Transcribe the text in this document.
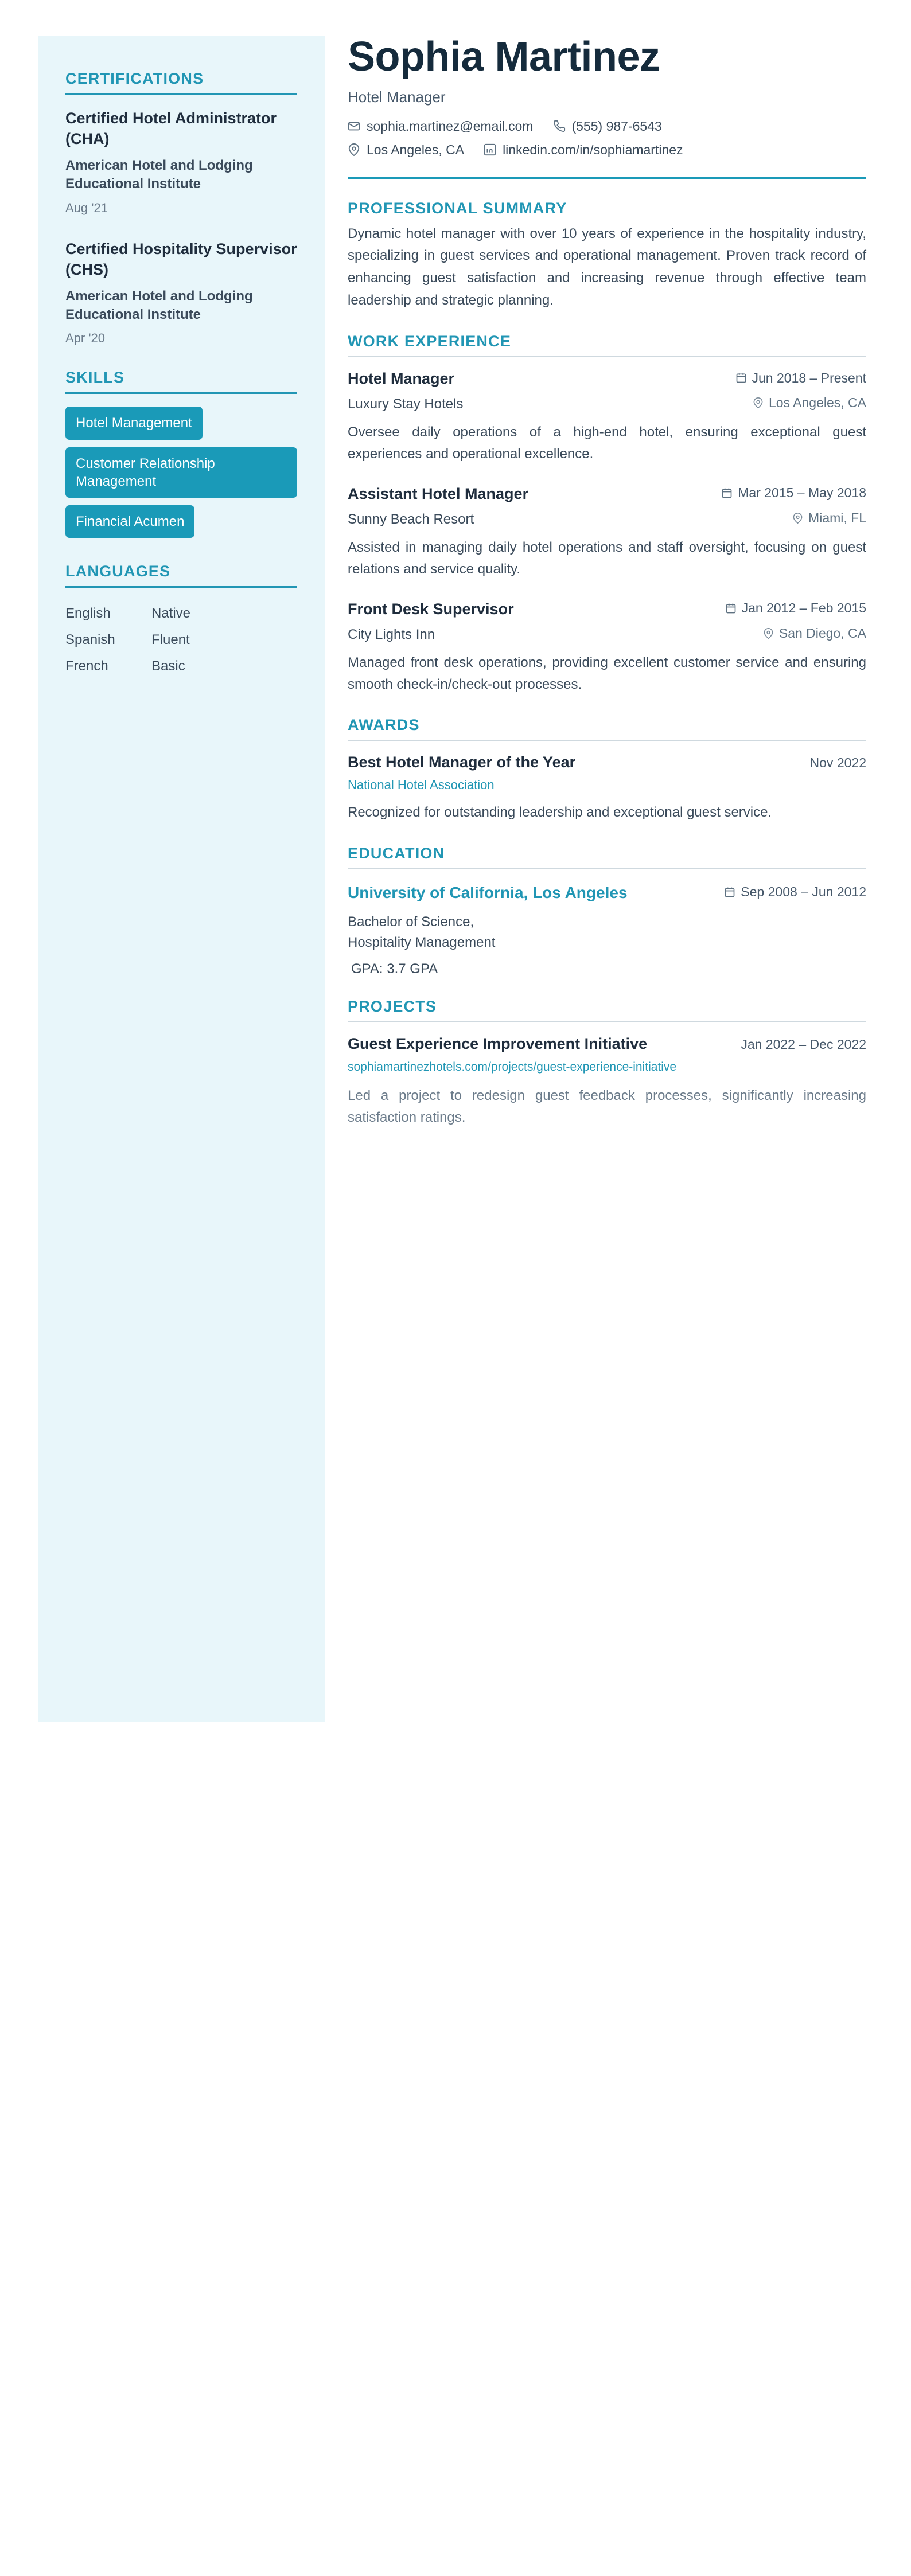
CERTIFICATIONS
Certified Hotel Administrator (CHA)
American Hotel and Lodging Educational Institute
Aug '21
Certified Hospitality Supervisor (CHS)
American Hotel and Lodging Educational Institute
Apr '20
SKILLS
Hotel Management Customer Relationship Management Financial Acumen
LANGUAGES
English	Native
Spanish	Fluent
French	Basic
Sophia Martinez
Hotel Manager
sophia.martinez@email.com	(555) 987-6543
Los Angeles, CA	linkedin.com/in/sophiamartinez
PROFESSIONAL SUMMARY
Dynamic hotel manager with over 10 years of experience in the hospitality industry, specializing in guest services and operational management. Proven track record of enhancing guest satisfaction and increasing revenue through effective team leadership and strategic planning.
WORK EXPERIENCE
Hotel Manager	Jun 2018 – Present
Luxury Stay Hotels	Los Angeles, CA
Oversee daily operations of a high-end hotel, ensuring exceptional guest experiences and operational excellence.
Assistant Hotel Manager	Mar 2015 – May 2018
Sunny Beach Resort	Miami, FL
Assisted in managing daily hotel operations and staff oversight, focusing on guest relations and service quality.
Front Desk Supervisor	Jan 2012 – Feb 2015
City Lights Inn	San Diego, CA
Managed front desk operations, providing excellent customer service and ensuring smooth check-in/check-out processes.
AWARDS
Best Hotel Manager of the Year	Nov 2022
National Hotel Association
Recognized for outstanding leadership and exceptional guest service.
EDUCATION
University of California, Los Angeles	Sep 2008 – Jun 2012
Bachelor of Science,
Hospitality Management
GPA: 3.7 GPA
PROJECTS
Guest Experience Improvement Initiative	Jan 2022 – Dec 2022
sophiamartinezhotels.com/projects/guest-experience-initiative
Led a project to redesign guest feedback processes, significantly increasing satisfaction ratings.
